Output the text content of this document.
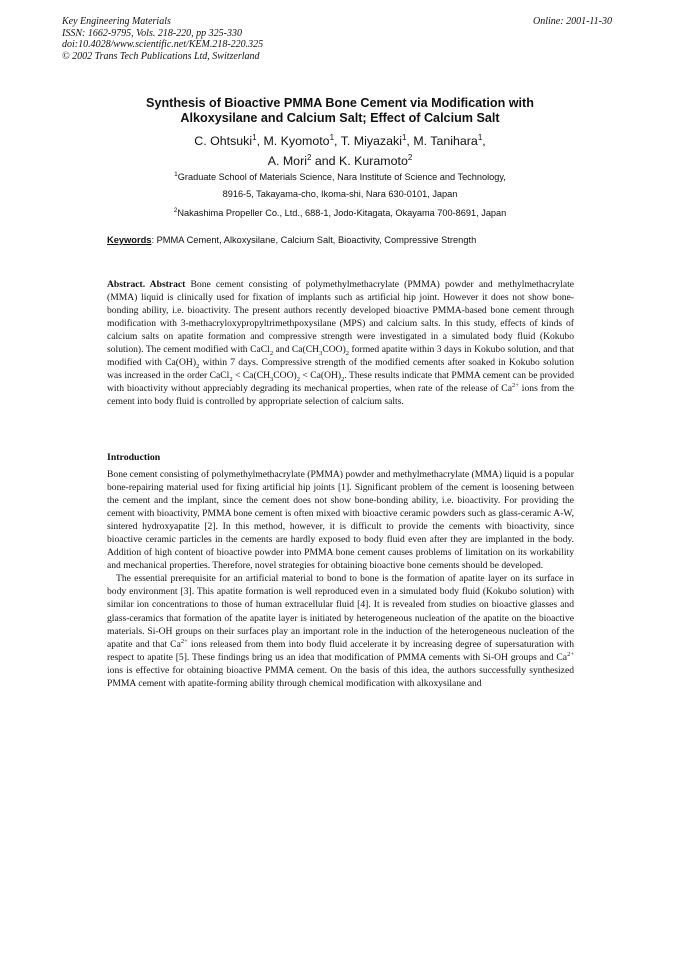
Key Engineering Materials
ISSN: 1662-9795, Vols. 218-220, pp 325-330
doi:10.4028/www.scientific.net/KEM.218-220.325
© 2002 Trans Tech Publications Ltd, Switzerland
Online: 2001-11-30
Synthesis of Bioactive PMMA Bone Cement via Modification with
Alkoxysilane and Calcium Salt; Effect of Calcium Salt
C. Ohtsuki$^1$, M. Kyomoto$^1$, T. Miyazaki$^1$, M. Tanihara$^1$,
A. Mori$^2$ and K. Kuramoto$^2$
$^1$Graduate School of Materials Science, Nara Institute of Science and Technology,
8916-5, Takayama-cho, Ikoma-shi, Nara 630-0101, Japan
$^2$Nakashima Propeller Co., Ltd., 688-1, Jodo-Kitagata, Okayama 700-8691, Japan
Keywords: PMMA Cement, Alkoxysilane, Calcium Salt, Bioactivity, Compressive Strength

Abstract. Abstract Bone cement consisting of polymethylmethacrylate (PMMA) powder and methylmethacrylate (MMA) liquid is clinically used for fixation of implants such as artificial hip joint. However it does not show bone-bonding ability, i.e. bioactivity. The present authors recently developed bioactive PMMA-based bone cement through modification with 3-methacryloxypropyltrimethpoxysilane (MPS) and calcium salts. In this study, effects of kinds of calcium salts on apatite formation and compressive strength were investigated in a simulated body fluid (Kokubo solution). The cement modified with CaCl$_2$ and $Ca(CH_3COO)_2$ formed apatite within 3 days in Kokubo solution, and that modified with $Ca(OH)_2$ within 7 days. Compressive strength of the modified cements after soaked in Kokubo solution was increased in the order CaCl$_2$ < $Ca(CH_3COO)_2 < Ca(OH)_2$. These results indicate that PMMA cement can be provided with bioactivity without appreciably degrading its mechanical properties, when rate of the release of $Ca^{2+}$ ions from the cement into body fluid is controlled by appropriate selection of calcium salts.

Introduction

Bone cement consisting of polymethylmethacrylate (PMMA) powder and methylmethacrylate (MMA) liquid is a popular bone-repairing material used for fixing artificial hip joints [1]. Significant problem of the cement is loosening between the cement and the implant, since the cement does not show bone-bonding ability, i.e. bioactivity. For providing the cement with bioactivity, PMMA bone cement is often mixed with bioactive ceramic powders such as glass-ceramic A-W, sintered hydroxyapatite [2]. In this method, however, it is difficult to provide the cements with bioactivity, since bioactive ceramic particles in the cements are hardly exposed to body fluid even after they are implanted in the body. Addition of high content of bioactive powder into PMMA bone cement causes problems of limitation on its workability and mechanical properties. Therefore, novel strategies for obtaining bioactive bone cements should be developed.

The essential prerequisite for an artificial material to bond to bone is the formation of apatite layer on its surface in body environment [3]. This apatite formation is well reproduced even in a simulated body fluid (Kokubo solution) with similar ion concentrations to those of human extracellular fluid [4]. It is revealed from studies on bioactive glasses and glass-ceramics that formation of the apatite layer is initiated by heterogeneous nucleation of the apatite on the bioactive materials. Si-OH groups on their surfaces play an important role in the induction of the heterogeneous nucleation of the apatite and that $Ca^{2+}$ ions released from them into body fluid accelerate it by increasing degree of supersaturation with respect to apatite [5]. These findings bring us an idea that modification of PMMA cements with Si-OH groups and $Ca^{2+}$ ions is effective for obtaining bioactive PMMA cement. On the basis of this idea, the authors successfully synthesized PMMA cement with apatite-forming ability through chemical modification with alkoxysilane and
